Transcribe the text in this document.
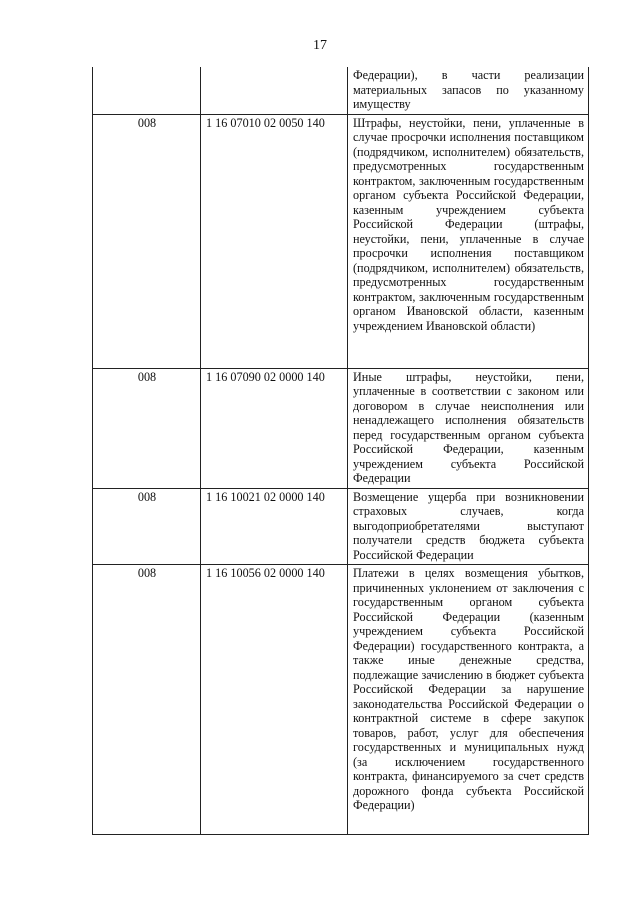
17
		Федерации), в части реализации материальных запасов по указанному имуществу
008	1 16 07010 02 0050 140	Штрафы, неустойки, пени, уплаченные в случае просрочки исполнения поставщиком (подрядчиком, исполнителем) обязательств, предусмотренных государственным контрактом, заключенным государственным органом субъекта Российской Федерации, казенным учреждением субъекта Российской Федерации (штрафы, неустойки, пени, уплаченные в случае просрочки исполнения поставщиком (подрядчиком, исполнителем) обязательств, предусмотренных государственным контрактом, заключенным государственным органом Ивановской области, казенным учреждением Ивановской области)
008	1 16 07090 02 0000 140	Иные штрафы, неустойки, пени, уплаченные в соответствии с законом или договором в случае неисполнения или ненадлежащего исполнения обязательств перед государственным органом субъекта Российской Федерации, казенным учреждением субъекта Российской Федерации
008	1 16 10021 02 0000 140	Возмещение ущерба при возникновении страховых случаев, когда выгодоприобретателями выступают получатели средств бюджета субъекта Российской Федерации
008	1 16 10056 02 0000 140	Платежи в целях возмещения убытков, причиненных уклонением от заключения с государственным органом субъекта Российской Федерации (казенным учреждением субъекта Российской Федерации) государственного контракта, а также иные денежные средства, подлежащие зачислению в бюджет субъекта Российской Федерации за нарушение законодательства Российской Федерации о контрактной системе в сфере закупок товаров, работ, услуг для обеспечения государственных и муниципальных нужд (за исключением государственного контракта, финансируемого за счет средств дорожного фонда субъекта Российской Федерации)
